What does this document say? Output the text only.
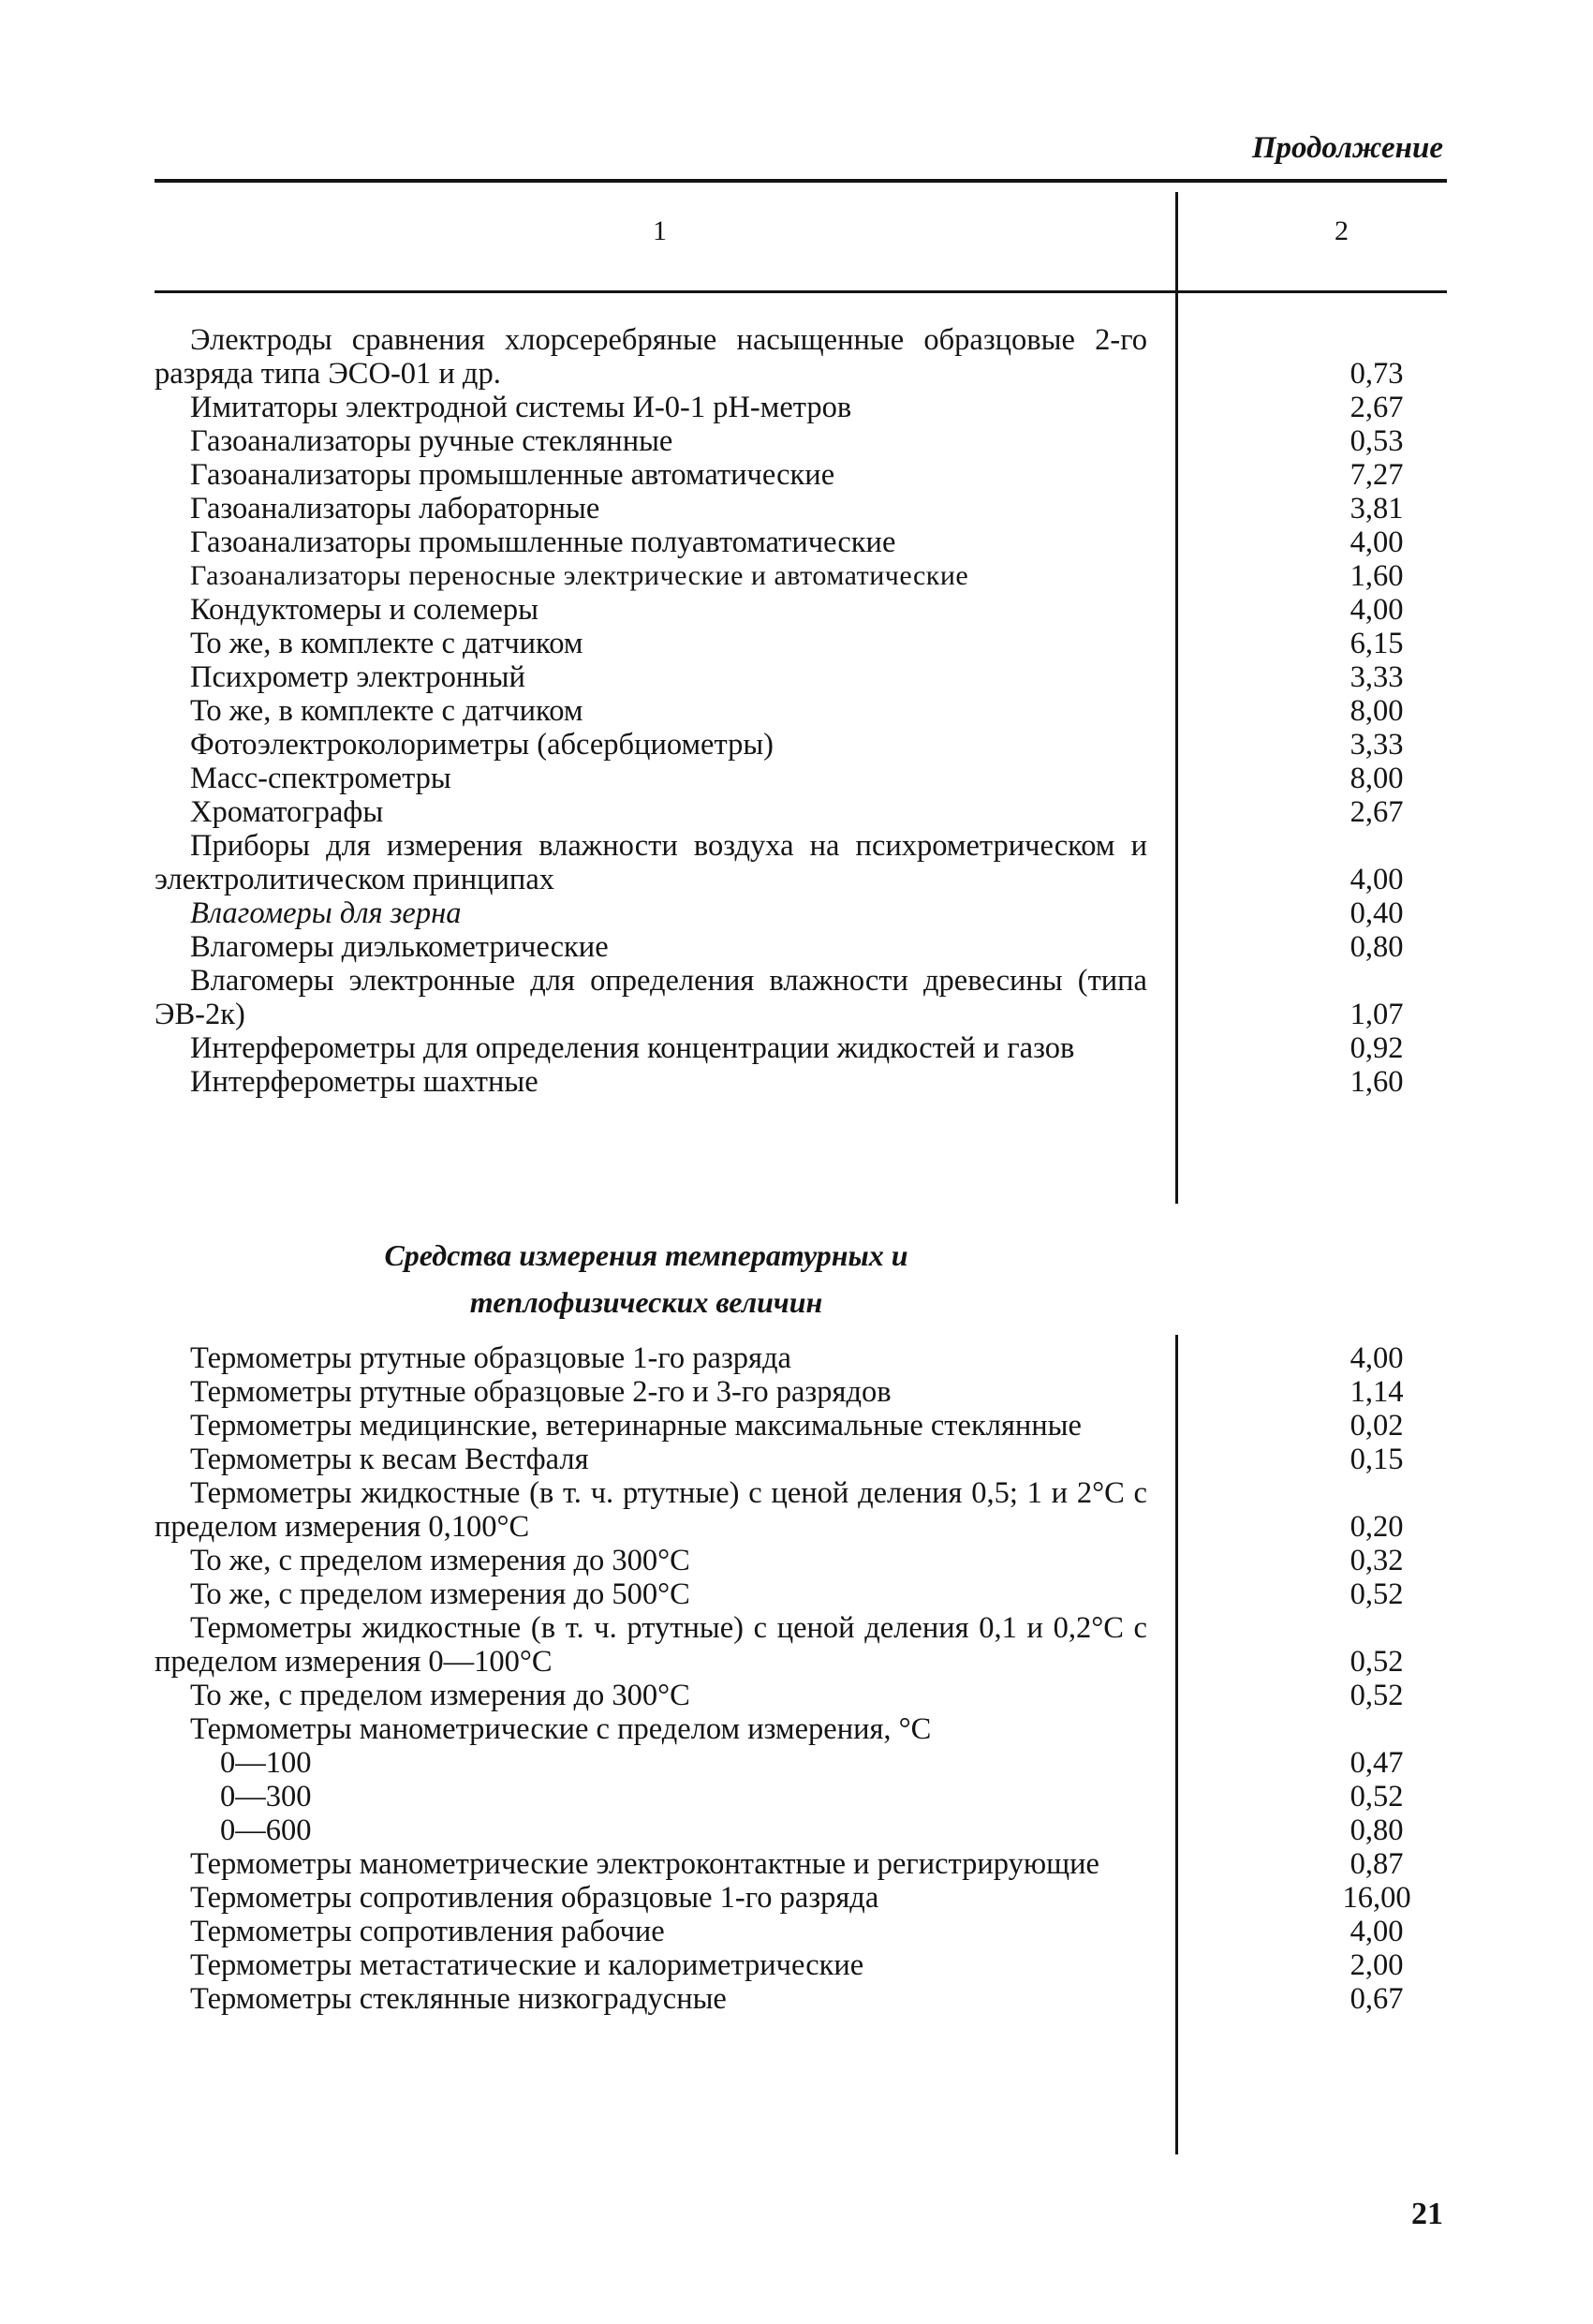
Продолжение
1	2
Электроды сравнения хлорсеребряные насыщенные образцовые 2-го разряда типа ЭСО-01 и др.	0,73
Имитаторы электродной системы И-0-1 рН-метров	2,67
Газоанализаторы ручные стеклянные	0,53
Газоанализаторы промышленные автоматические	7,27
Газоанализаторы лабораторные	3,81
Газоанализаторы промышленные полуавтоматические	4,00
Газоанализаторы переносные электрические и автоматические	1,60
Кондуктомеры и солемеры	4,00
То же, в комплекте с датчиком	6,15
Психрометр электронный	3,33
То же, в комплекте с датчиком	8,00
Фотоэлектроколориметры (абсербциометры)	3,33
Масс-спектрометры	8,00
Хроматографы	2,67
Приборы для измерения влажности воздуха на психрометрическом и электролитическом принципах	4,00
Влагомеры для зерна	0,40
Влагомеры диэлькометрические	0,80
Влагомеры электронные для определения влажности древесины (типа ЭВ-2к)	1,07
Интерферометры для определения концентрации жидкостей и газов	0,92
Интерферометры шахтные	1,60
Средства измерения температурных и
теплофизических величин
Термометры ртутные образцовые 1-го разряда	4,00
Термометры ртутные образцовые 2-го и 3-го разрядов	1,14
Термометры медицинские, ветеринарные максимальные стеклянные	0,02
Термометры к весам Вестфаля	0,15
Термометры жидкостные (в т. ч. ртутные) с ценой деления 0,5; 1 и 2°С с пределом измерения 0,100°С	0,20
То же, с пределом измерения до 300°С	0,32
То же, с пределом измерения до 500°С	0,52
Термометры жидкостные (в т. ч. ртутные) с ценой деления 0,1 и 0,2°С с пределом измерения 0—100°С	0,52
То же, с пределом измерения до 300°С	0,52
Термометры манометрические с пределом измерения, °С
0—100	0,47
0—300	0,52
0—600	0,80
Термометры манометрические электроконтактные и регистрирующие	0,87
Термометры сопротивления образцовые 1-го разряда	16,00
Термометры сопротивления рабочие	4,00
Термометры метастатические и калориметрические	2,00
Термометры стеклянные низкоградусные	0,67
21
